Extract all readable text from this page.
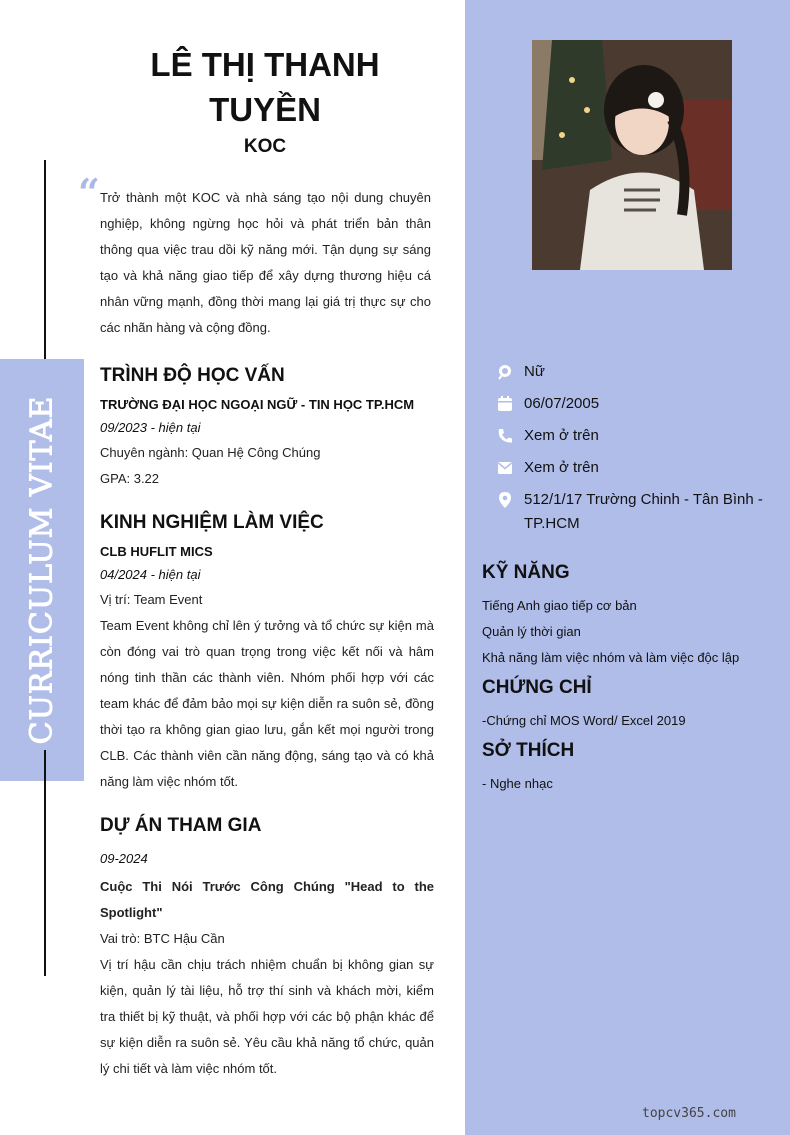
CURRICULUM VITAE
LÊ THỊ THANH TUYỀN
KOC
“ Trở thành một KOC và nhà sáng tạo nội dung chuyên nghiệp, không ngừng học hỏi và phát triển bản thân thông qua việc trau dồi kỹ năng mới. Tận dụng sự sáng tạo và khả năng giao tiếp để xây dựng thương hiệu cá nhân vững mạnh, đồng thời mang lại giá trị thực sự cho các nhãn hàng và cộng đồng.
TRÌNH ĐỘ HỌC VẤN
TRƯỜNG ĐẠI HỌC NGOẠI NGỮ - TIN HỌC TP.HCM
09/2023 - hiện tại
Chuyên ngành: Quan Hệ Công Chúng
GPA: 3.22
KINH NGHIỆM LÀM VIỆC
CLB HUFLIT MICS
04/2024 - hiện tại
Vị trí: Team Event
Team Event không chỉ lên ý tưởng và tổ chức sự kiện mà còn đóng vai trò quan trọng trong việc kết nối và hâm nóng tinh thần các thành viên. Nhóm phối hợp với các team khác để đảm bảo mọi sự kiện diễn ra suôn sẻ, đồng thời tạo ra không gian giao lưu, gắn kết mọi người trong CLB. Các thành viên cần năng động, sáng tạo và có khả năng làm việc nhóm tốt.
DỰ ÁN THAM GIA
09-2024
Cuộc Thi Nói Trước Công Chúng "Head to the Spotlight"
Vai trò: BTC Hậu Cần
Vị trí hậu cần chịu trách nhiệm chuẩn bị không gian sự kiện, quản lý tài liệu, hỗ trợ thí sinh và khách mời, kiểm tra thiết bị kỹ thuật, và phối hợp với các bộ phận khác để sự kiện diễn ra suôn sẻ. Yêu cầu khả năng tổ chức, quản lý chi tiết và làm việc nhóm tốt.
Nữ
06/07/2005
Xem ở trên
Xem ở trên
512/1/17 Trường Chinh - Tân Bình - TP.HCM
KỸ NĂNG
Tiếng Anh giao tiếp cơ bản
Quản lý thời gian
Khả năng làm việc nhóm và làm việc độc lập
CHỨNG CHỈ
-Chứng chỉ MOS Word/ Excel 2019
SỞ THÍCH
- Nghe nhạc
topcv365.com
